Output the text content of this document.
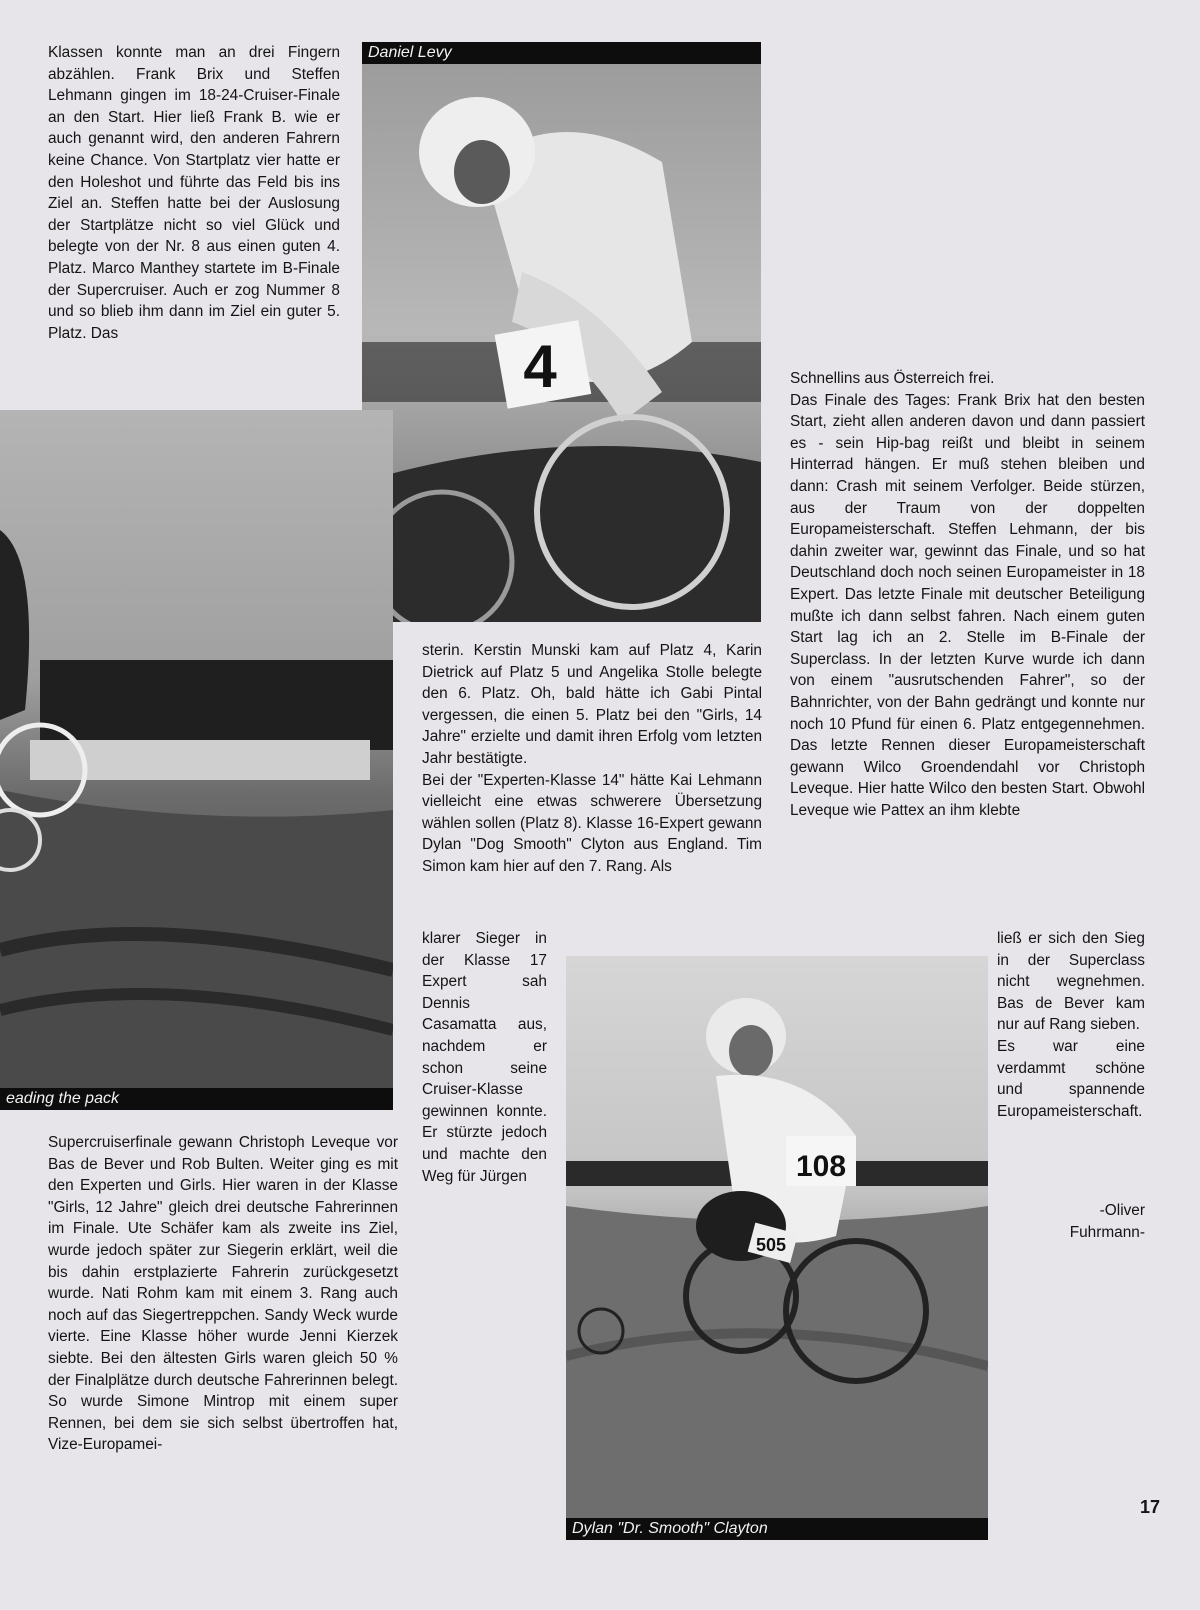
4
Daniel Levy
eading the pack
108
505
Dylan "Dr. Smooth" Clayton

Klassen konnte man an drei Fingern abzählen. Frank Brix und Steffen Lehmann gingen im 18-24-Cruiser-Finale an den Start. Hier ließ Frank B. wie er auch genannt wird, den anderen Fahrern keine Chance. Von Startplatz vier hatte er den Holeshot und führte das Feld bis ins Ziel an. Steffen hatte bei der Auslosung der Startplätze nicht so viel Glück und belegte von der Nr. 8 aus einen guten 4. Platz. Marco Manthey startete im B-Finale der Supercruiser. Auch er zog Nummer 8 und so blieb ihm dann im Ziel ein guter 5. Platz. Das

Supercruiserfinale gewann Christoph Leveque vor Bas de Bever und Rob Bulten. Weiter ging es mit den Experten und Girls. Hier waren in der Klasse "Girls, 12 Jahre" gleich drei deutsche Fahrerinnen im Finale. Ute Schäfer kam als zweite ins Ziel, wurde jedoch später zur Siegerin erklärt, weil die bis dahin erstplazierte Fahrerin zurückgesetzt wurde. Nati Rohm kam mit einem 3. Rang auch noch auf das Siegertreppchen. Sandy Weck wurde vierte. Eine Klasse höher wurde Jenni Kierzek siebte. Bei den ältesten Girls waren gleich 50 % der Finalplätze durch deutsche Fahrerinnen belegt. So wurde Simone Mintrop mit einem super Rennen, bei dem sie sich selbst übertroffen hat, Vize-Europamei-

sterin. Kerstin Munski kam auf Platz 4, Karin Dietrick auf Platz 5 und Angelika Stolle belegte den 6. Platz. Oh, bald hätte ich Gabi Pintal vergessen, die einen 5. Platz bei den "Girls, 14 Jahre" erzielte und damit ihren Erfolg vom letzten Jahr bestätigte.

Bei der "Experten-Klasse 14" hätte Kai Lehmann vielleicht eine etwas schwerere Übersetzung wählen sollen (Platz 8). Klasse 16-Expert gewann Dylan "Dog Smooth" Clyton aus England. Tim Simon kam hier auf den 7. Rang. Als

klarer Sieger in der Klasse 17 Expert sah Dennis Casamatta aus, nachdem er schon seine Cruiser-Klasse gewinnen konnte. Er stürzte jedoch und machte den Weg für Jürgen

Schnellins aus Österreich frei.

Das Finale des Tages: Frank Brix hat den besten Start, zieht allen anderen davon und dann passiert es - sein Hip-bag reißt und bleibt in seinem Hinterrad hängen. Er muß stehen bleiben und dann: Crash mit seinem Verfolger. Beide stürzen, aus der Traum von der doppelten Europameisterschaft. Steffen Lehmann, der bis dahin zweiter war, gewinnt das Finale, und so hat Deutschland doch noch seinen Europameister in 18 Expert. Das letzte Finale mit deutscher Beteiligung mußte ich dann selbst fahren. Nach einem guten Start lag ich an 2. Stelle im B-Finale der Superclass. In der letzten Kurve wurde ich dann von einem "ausrutschenden Fahrer", so der Bahnrichter, von der Bahn gedrängt und konnte nur noch 10 Pfund für einen 6. Platz entgegennehmen. Das letzte Rennen dieser Europameisterschaft gewann Wilco Groendendahl vor Christoph Leveque. Hier hatte Wilco den besten Start. Obwohl Leveque wie Pattex an ihm klebte

ließ er sich den Sieg in der Superclass nicht wegnehmen. Bas de Bever kam nur auf Rang sieben.

Es war eine verdammt schöne und spannende Europameisterschaft.

-Oliver
Fuhrmann-
17
